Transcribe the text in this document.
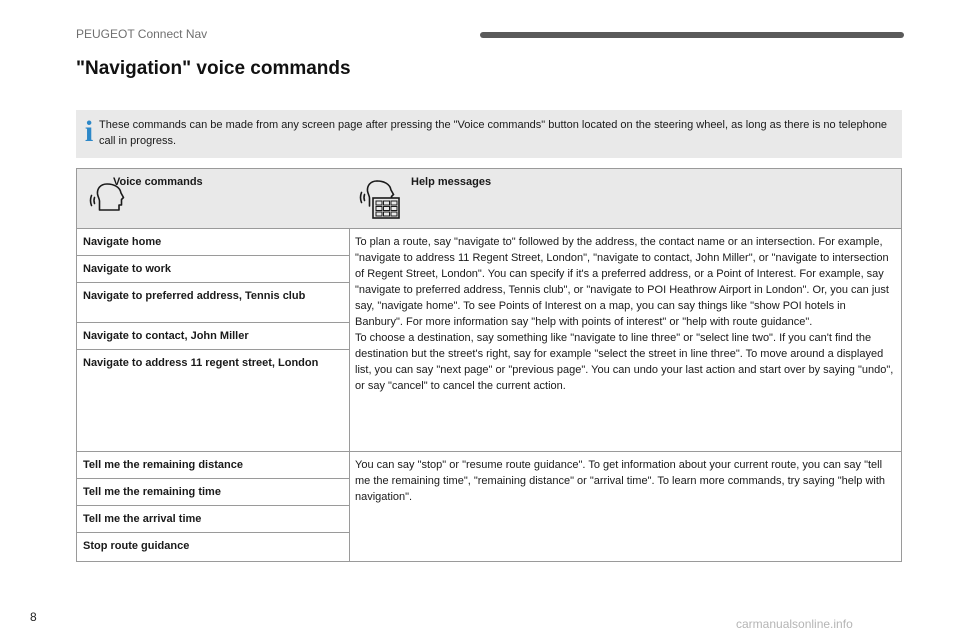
PEUGEOT Connect Nav
"Navigation" voice commands
i These commands can be made from any screen page after pressing the "Voice commands" button located on the steering wheel, as long as there is no telephone call in progress.
Voice commands	Help messages
Navigate home
Navigate to work
Navigate to preferred address, Tennis club
Navigate to contact, John Miller
Navigate to address 11 regent street, London
To plan a route, say "navigate to" followed by the address, the contact name or an intersection. For example, "navigate to address 11 Regent Street, London", "navigate to contact, John Miller", or "navigate to intersection of Regent Street, London". You can specify if it's a preferred address, or a Point of Interest. For example, say "navigate to preferred address, Tennis club", or "navigate to POI Heathrow Airport in London". Or, you can just say, "navigate home". To see Points of Interest on a map, you can say things like "show POI hotels in Banbury". For more information say "help with points of interest" or "help with route guidance".
To choose a destination, say something like "navigate to line three" or "select line two". If you can't find the destination but the street's right, say for example "select the street in line three". To move around a displayed list, you can say "next page" or "previous page". You can undo your last action and start over by saying "undo", or say "cancel" to cancel the current action.
Tell me the remaining distance
Tell me the remaining time
Tell me the arrival time
Stop route guidance
You can say "stop" or "resume route guidance". To get information about your current route, you can say "tell me the remaining time", "remaining distance" or "arrival time". To learn more commands, try saying "help with navigation".
8	carmanualsonline.info
